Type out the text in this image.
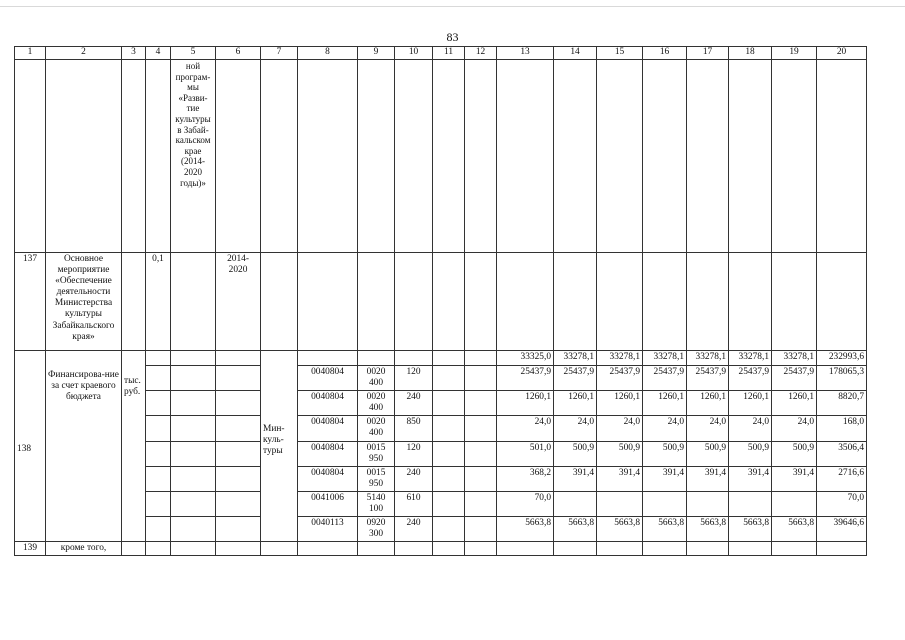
83
1	2	3	4	5	6	7	8	9	10	11	12	13	14	15	16	17	18	19	20
				ной програм-мы «Разви-тие культуры в Забай-кальском крае (2014-2020 годы)»															
137	Основное мероприятие «Обеспечение деятельности Министерства культуры Забайкальского края»		0,1		2014-2020														

138	Финансирова-ние за счет краевого бюджета	тыс. руб.				Мин-куль-туры						33325,0	33278,1	33278,1	33278,1	33278,1	33278,1	33278,1	232993,6
							0040804	0020 400	120			25437,9	25437,9	25437,9	25437,9	25437,9	25437,9	25437,9	178065,3
							0040804	0020 400	240			1260,1	1260,1	1260,1	1260,1	1260,1	1260,1	1260,1	8820,7
							0040804	0020 400	850			24,0	24,0	24,0	24,0	24,0	24,0	24,0	168,0
							0040804	0015 950	120			501,0	500,9	500,9	500,9	500,9	500,9	500,9	3506,4
							0040804	0015 950	240			368,2	391,4	391,4	391,4	391,4	391,4	391,4	2716,6
							0041006	5140 100	610			70,0							70,0
							0040113	0920 300	240			5663,8	5663,8	5663,8	5663,8	5663,8	5663,8	5663,8	39646,6
139	кроме того,																		
